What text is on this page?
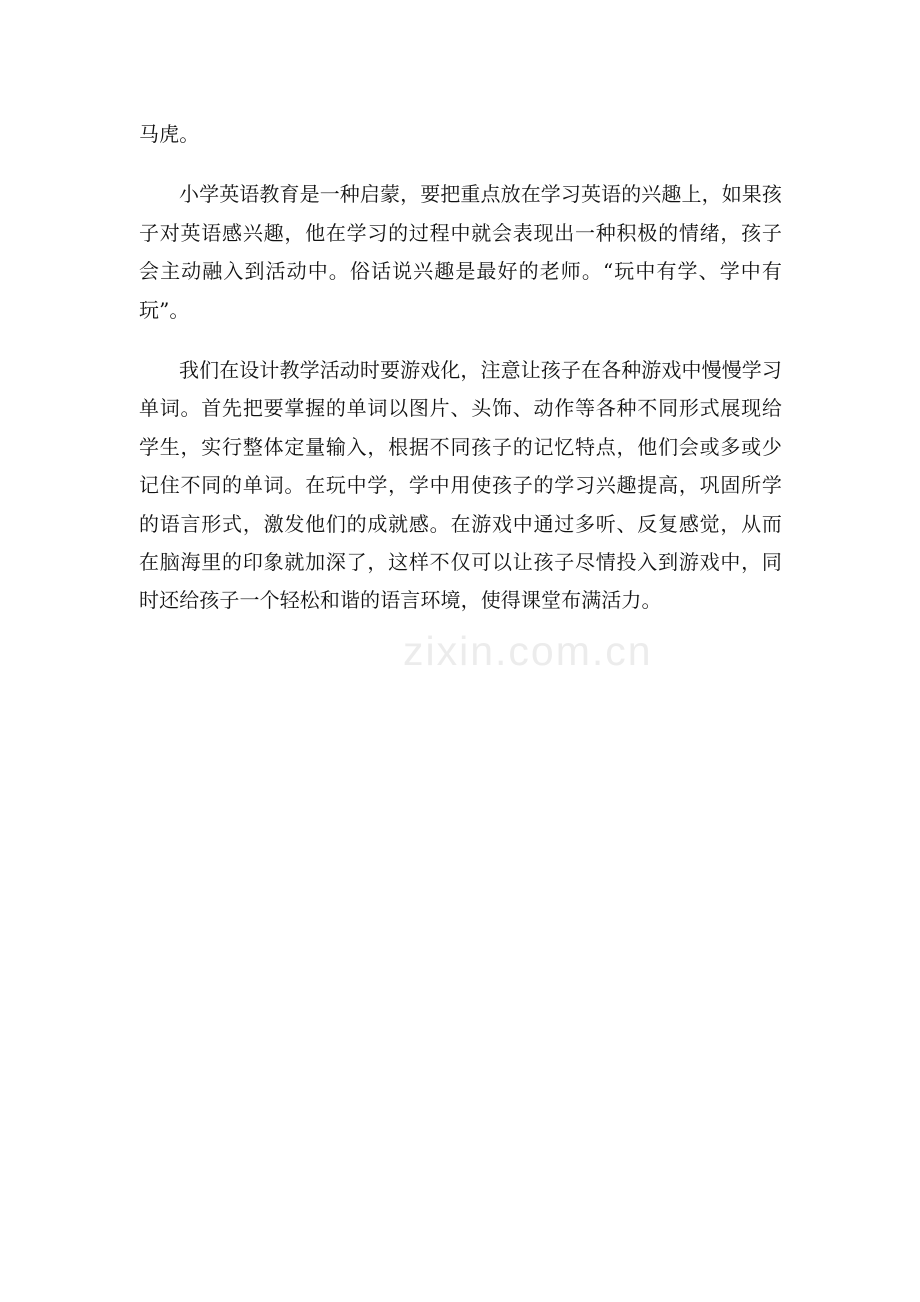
马虎。

小学英语教育是一种启蒙，要把重点放在学习英语的兴趣上，如果孩子对英语感兴趣，他在学习的过程中就会表现出一种积极的情绪，孩子会主动融入到活动中。俗话说兴趣是最好的老师。“玩中有学、学中有玩”。

我们在设计教学活动时要游戏化，注意让孩子在各种游戏中慢慢学习单词。首先把要掌握的单词以图片、头饰、动作等各种不同形式展现给学生，实行整体定量输入，根据不同孩子的记忆特点，他们会或多或少记住不同的单词。在玩中学，学中用使孩子的学习兴趣提高，巩固所学的语言形式，激发他们的成就感。在游戏中通过多听、反复感觉，从而在脑海里的印象就加深了，这样不仅可以让孩子尽情投入到游戏中，同时还给孩子一个轻松和谐的语言环境，使得课堂布满活力。

zixin.com.cn
